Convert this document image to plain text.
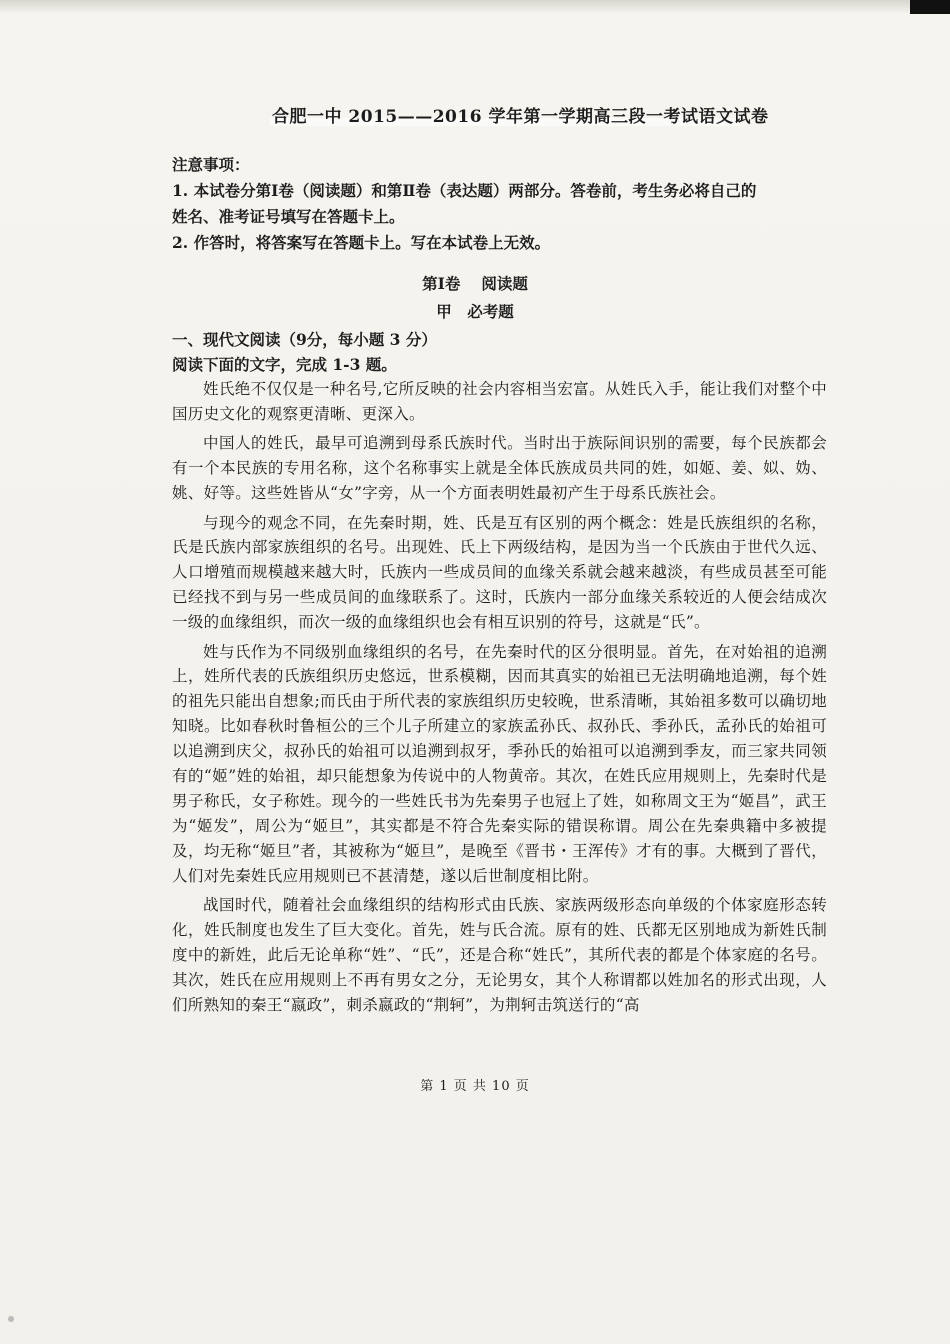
合肥一中 2015——2016 学年第一学期高三段一考试语文试卷
注意事项：
1. 本试卷分第Ⅰ卷（阅读题）和第Ⅱ卷（表达题）两部分。答卷前，考生务必将自己的
姓名、准考证号填写在答题卡上。
2. 作答时，将答案写在答题卡上。写在本试卷上无效。
第Ⅰ卷　 阅读题
甲　必考题
一、现代文阅读（9分，每小题 3 分）
阅读下面的文字，完成 1-3 题。

姓氏绝不仅仅是一种名号,它所反映的社会内容相当宏富。从姓氏入手，能让我们对整个中国历史文化的观察更清晰、更深入。

中国人的姓氏，最早可追溯到母系氏族时代。当时出于族际间识别的需要，每个民族都会有一个本民族的专用名称，这个名称事实上就是全体氏族成员共同的姓，如姬、姜、姒、妫、姚、好等。这些姓皆从“女”字旁，从一个方面表明姓最初产生于母系氏族社会。

与现今的观念不同，在先秦时期，姓、氏是互有区别的两个概念：姓是氏族组织的名称，氏是氏族内部家族组织的名号。出现姓、氏上下两级结构，是因为当一个氏族由于世代久远、人口增殖而规模越来越大时，氏族内一些成员间的血缘关系就会越来越淡，有些成员甚至可能已经找不到与另一些成员间的血缘联系了。这时，氏族内一部分血缘关系较近的人便会结成次一级的血缘组织，而次一级的血缘组织也会有相互识别的符号，这就是“氏”。

姓与氏作为不同级别血缘组织的名号，在先秦时代的区分很明显。首先，在对始祖的追溯上，姓所代表的氏族组织历史悠远，世系模糊，因而其真实的始祖已无法明确地追溯，每个姓的祖先只能出自想象;而氏由于所代表的家族组织历史较晚，世系清晰，其始祖多数可以确切地知晓。比如春秋时鲁桓公的三个儿子所建立的家族孟孙氏、叔孙氏、季孙氏，孟孙氏的始祖可以追溯到庆父，叔孙氏的始祖可以追溯到叔牙，季孙氏的始祖可以追溯到季友，而三家共同领有的“姬”姓的始祖，却只能想象为传说中的人物黄帝。其次，在姓氏应用规则上，先秦时代是男子称氏，女子称姓。现今的一些姓氏书为先秦男子也冠上了姓，如称周文王为“姬昌”，武王为“姬发”，周公为“姬旦”，其实都是不符合先秦实际的错误称谓。周公在先秦典籍中多被提及，均无称“姬旦”者，其被称为“姬旦”，是晚至《晋书・王浑传》才有的事。大概到了晋代，人们对先秦姓氏应用规则已不甚清楚，遂以后世制度相比附。

战国时代，随着社会血缘组织的结构形式由氏族、家族两级形态向单级的个体家庭形态转化，姓氏制度也发生了巨大变化。首先，姓与氏合流。原有的姓、氏都无区别地成为新姓氏制度中的新姓，此后无论单称“姓”、“氏”，还是合称“姓氏”，其所代表的都是个体家庭的名号。其次，姓氏在应用规则上不再有男女之分，无论男女，其个人称谓都以姓加名的形式出现，人们所熟知的秦王“嬴政”，刺杀嬴政的“荆轲”，为荆轲击筑送行的“高

第 1 页 共 10 页
